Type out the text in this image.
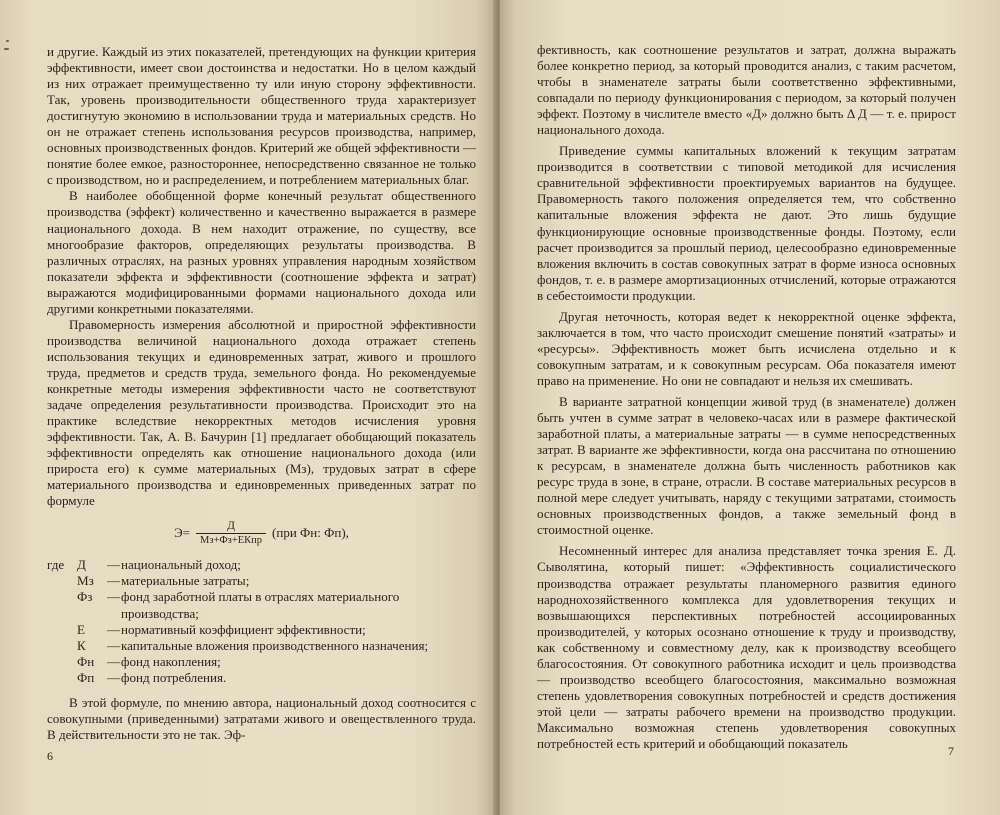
и другие. Каждый из этих показателей, претендующих на функции критерия эффективности, имеет свои достоинства и недостатки. Но в целом каждый из них отражает преимущественно ту или иную сторону эффективности. Так, уровень производительности общественного труда характеризует достигнутую экономию в использовании труда и материальных средств. Но он не отражает степень использования ресурсов производства, например, основных производственных фондов. Критерий же общей эффективности — понятие более емкое, разностороннее, непосредственно связанное не только с производством, но и распределением, и потреблением материальных благ.

В наиболее обобщенной форме конечный результат общественного производства (эффект) количественно и качественно выражается в размере национального дохода. В нем находит отражение, по существу, все многообразие факторов, определяющих результаты производства. В различных отраслях, на разных уровнях управления народным хозяйством показатели эффекта и эффективности (соотношение эффекта и затрат) выражаются модифицированными формами национального дохода или другими конкретными показателями.

Правомерность измерения абсолютной и приростной эффективности производства величиной национального дохода отражает степень использования текущих и единовременных затрат, живого и прошлого труда, предметов и средств труда, земельного фонда. Но рекомендуемые конкретные методы измерения эффективности часто не соответствуют задаче определения результативности производства. Происходит это на практике вследствие некорректных методов исчисления уровня эффективности. Так, А. В. Бачурин [1] предлагает обобщающий показатель эффективности определять как отношение национального дохода (или прироста его) к сумме материальных (Мз), трудовых затрат в сфере материального производства и единовременных приведенных затрат по формуле

$Э= \frac{Д}{\text{Мз+Фз+ЕКпр}} (при$ Фн: Фп),
где Д	— национальный доход;
Мз	— материальные затраты;
Фз	— фонд заработной платы в отраслях материального производства;
Е	— нормативный коэффициент эффективности;
К	— капитальные вложения производственного назначения;
Фн — фонд накопления;
Фп — фонд потребления.

В этой формуле, по мнению автора, национальный доход соотносится с совокупными (приведенными) затратами живого и овеществленного труда. В действительности это не так. Эф-

6

фективность, как соотношение результатов и затрат, должна выражать более конкретно период, за который проводится анализ, с таким расчетом, чтобы в знаменателе затраты были соответственно эффективными, совпадали по периоду функционирования с периодом, за который получен эффект. Поэтому в числителе вместо «Д» должно быть Δ Д — т. е. прирост национального дохода.

Приведение суммы капитальных вложений к текущим затратам производится в соответствии с типовой методикой для исчисления сравнительной эффективности проектируемых вариантов на будущее. Правомерность такого положения определяется тем, что собственно капитальные вложения эффекта не дают. Это лишь будущие функционирующие основные производственные фонды. Поэтому, если расчет производится за прошлый период, целесообразно единовременные вложения включить в состав совокупных затрат в форме износа основных фондов, т. е. в размере амортизационных отчислений, которые отражаются в себестоимости продукции.

Другая неточность, которая ведет к некорректной оценке эффекта, заключается в том, что часто происходит смешение понятий «затраты» и «ресурсы». Эффективность может быть исчислена отдельно и к совокупным затратам, и к совокупным ресурсам. Оба показателя имеют право на применение. Но они не совпадают и нельзя их смешивать.

В варианте затратной концепции живой труд (в знаменателе) должен быть учтен в сумме затрат в человеко-часах или в размере фактической заработной платы, а материальные затраты — в сумме непосредственных затрат. В варианте же эффективности, когда она рассчитана по отношению к ресурсам, в знаменателе должна быть численность работников как ресурс труда в зоне, в стране, отрасли. В составе материальных ресурсов в полной мере следует учитывать, наряду с текущими затратами, стоимость основных производственных фондов, а также земельный фонд в стоимостной оценке.

Несомненный интерес для анализа представляет точка зрения Е. Д. Сыволятина, который пишет: «Эффективность социалистического производства отражает результаты планомерного развития единого народнохозяйственного комплекса для удовлетворения текущих и возвышающихся перспективных потребностей ассоциированных производителей, у которых осознано отношение к труду и производству, как собственному и совместному делу, как к производству всеобщего благосостояния. От совокупного работника исходит и цель производства — производство всеобщего благосостояния, максимально возможная степень удовлетворения совокупных потребностей и средств достижения этой цели — затраты рабочего времени на производство продукции. Максимально возможная степень удовлетворения совокупных потребностей есть критерий и обобщающий показатель

7
